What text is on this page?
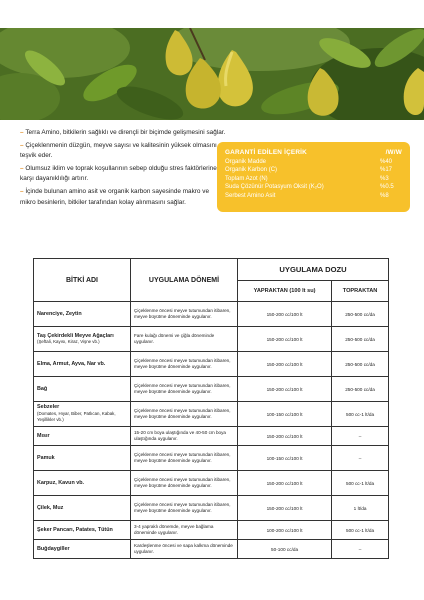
– Terra Amino, bitkilerin sağlıklı ve dirençli bir biçimde gelişmesini sağlar.

– Çiçeklenmenin düzgün, meyve sayısı ve kalitesinin yüksek olmasını teşvik eder.

– Olumsuz iklim ve toprak koşullarının sebep olduğu stres faktörlerine karşı dayanıklılığı artırır.

– İçinde bulunan amino asit ve organik karbon sayesinde makro ve mikro besinlerin, bitkiler tarafından kolay alınmasını sağlar.

GARANTİ EDİLEN İÇERİK	/W/W
Organik Madde	%40
Organik Karbon (C)	%17
Toplam Azot (N)	%3
Suda Çözünür Potasyum Oksit (K₂O)	%0.5
Serbest Amino Asit	%8
BİTKİ ADI	UYGULAMA DÖNEMİ	UYGULAMA DOZU	
		YAPRAKTAN (100 lt su)	TOPRAKTAN
Narenciye, Zeytin	Çiçeklenme öncesi meyve tutumundan itibaren, meyve büyütme döneminde uygulanır.	150-200 cc/100 lt	250-500 cc/da
Taş Çekirdekli Meyve Ağaçları
(Şeftali, Kayısı, Kiraz, Vişne vb.)	Fare kulağı dönemi ve çiğla döneminde uygulanır.	150-200 cc/100 lt	250-500 cc/da
Elma, Armut, Ayva, Nar vb.	Çiçeklenme öncesi meyve tutumundan itibaren, meyve büyütme döneminde uygulanır.	150-200 cc/100 lt	250-500 cc/da
Bağ	Çiçeklenme öncesi meyve tutumundan itibaren, meyve büyütme döneminde uygulanır.	150-200 cc/100 lt	250-500 cc/da
Sebzeler
(Domates, Hıyar, Biber, Patlıcan, Kabak, Yeşillikler vb.)	Çiçeklenme öncesi meyve tutumundan itibaren, meyve büyütme döneminde uygulanır.	100-150 cc/100 lt	500 cc-1 lt/da
Mısır	15-20 cm boya ulaştığında ve 40-50 cm boya ulaştığında uygulanır.	150-200 cc/100 lt	–
Pamuk	Çiçeklenme öncesi meyve tutumundan itibaren, meyve büyütme döneminde uygulanır.	100-150 cc/100 lt	–
Karpuz, Kavun vb.	Çiçeklenme öncesi meyve tutumundan itibaren, meyve büyütme döneminde uygulanır.	150-200 cc/100 lt	500 cc-1 lt/da
Çilek, Muz	Çiçeklenme öncesi meyve tutumundan itibaren, meyve büyütme döneminde uygulanır.	150-200 cc/100 lt	1 lt/da
Şeker Pancarı, Patates, Tütün	3-4 yapraklı dönemde, meyve bağlama döneminde uygulanır.	100-200 cc/100 lt	500 cc-1 lt/da
Buğdaygiller	Kardeşlenme öncesi ve sapa kalkma döneminde uygulanır.	50-100 cc/da	–
